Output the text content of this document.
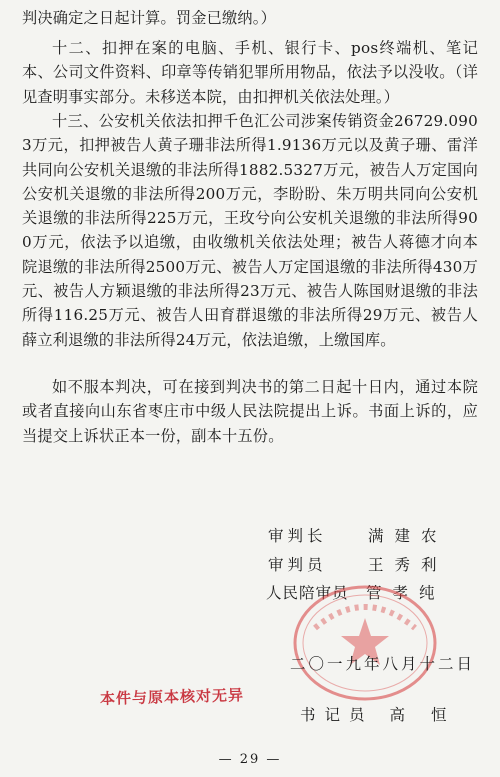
判决确定之日起计算。罚金已缴纳。）

十二、扣押在案的电脑、手机、银行卡、pos终端机、笔记本、公司文件资料、印章等传销犯罪所用物品，依法予以没收。（详见查明事实部分。未移送本院，由扣押机关依法处理。）

十三、公安机关依法扣押千色汇公司涉案传销资金26729.0903万元，扣押被告人黄子珊非法所得1.9136万元以及黄子珊、雷洋共同向公安机关退缴的非法所得1882.5327万元，被告人万定国向公安机关退缴的非法所得200万元，李盼盼、朱万明共同向公安机关退缴的非法所得225万元，王玫兮向公安机关退缴的非法所得900万元，依法予以追缴，由收缴机关依法处理；被告人蒋德才向本院退缴的非法所得2500万元、被告人万定国退缴的非法所得430万元、被告人方颖退缴的非法所得23万元、被告人陈国财退缴的非法所得116.25万元、被告人田育群退缴的非法所得29万元、被告人薛立利退缴的非法所得24万元，依法追缴，上缴国库。

如不服本判决，可在接到判决书的第二日起十日内，通过本院或者直接向山东省枣庄市中级人民法院提出上诉。书面上诉的，应当提交上诉状正本一份，副本十五份。

审判长	满建农
审判员	王秀利
人民陪审员 管孝纯
二〇一九年八月十二日
本件与原本核对无异
书记员 高恒
— 29 —
